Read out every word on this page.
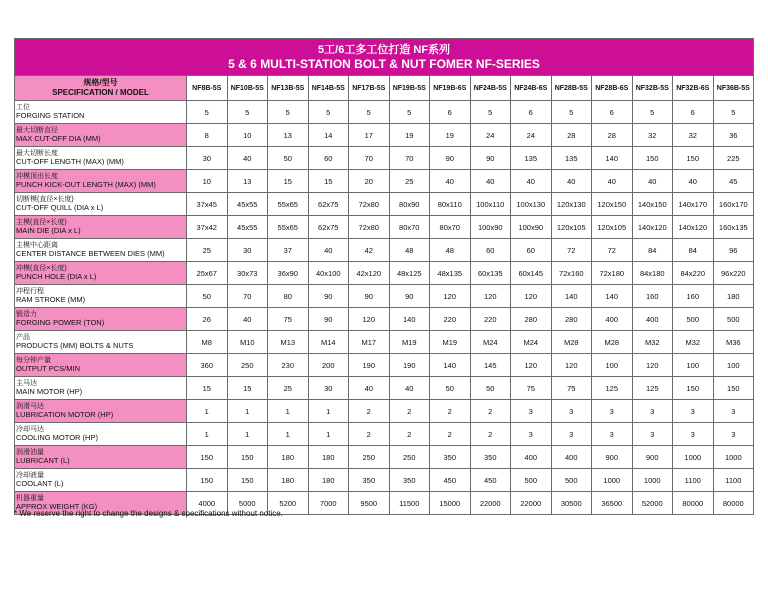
5工/6工多工位打造 NF系列
5 & 6 MULTI-STATION BOLT & NUT FOMER NF-SERIES														

规格/型号
SPECIFICATION / MODEL	NF8B-5S	NF10B-5S	NF13B-5S	NF14B-5S	NF17B-5S	NF19B-5S	NF19B-6S	NF24B-5S	NF24B-6S	NF28B-5S	NF28B-6S	NF32B-5S	NF32B-6S	NF36B-5S

工位
FORGING STATION	5	5	5	5	5	5	6	5	6	5	6	5	6	5

最大切断直径
MAX CUT-OFF DIA (MM)	8	10	13	14	17	19	19	24	24	28	28	32	32	36

最大切断长度
CUT-OFF LENGTH (MAX) (MM)	30	40	50	60	70	70	90	90	135	135	140	150	150	225

冲模顶出长度
PUNCH KICK-OUT LENGTH (MAX) (MM)	10	13	15	15	20	25	40	40	40	40	40	40	40	45

切断模(直径×长度)
CUT-OFF QUILL (DIA x L)	37x45	45x55	55x65	62x75	72x80	80x90	80x110	100x110	100x130	120x130	120x150	140x150	140x170	160x170

主模(直径×长度)
MAIN DIE (DIA x L)	37x42	45x55	55x65	62x75	72x80	80x70	80x70	100x90	100x90	120x105	120x105	140x120	140x120	160x135

主模中心距离
CENTER DISTANCE BETWEEN DIES (MM)	25	30	37	40	42	48	48	60	60	72	72	84	84	96

冲模(直径×长度)
PUNCH HOLE (DIA x L)	25x67	30x73	36x90	40x100	42x120	48x125	48x135	60x135	60x145	72x160	72x180	84x180	84x220	96x220

冲程行程
RAM STROKE (MM)	50	70	80	90	90	90	120	120	120	140	140	160	160	180

锻造力
FORGING POWER (TON)	26	40	75	90	120	140	220	220	280	280	400	400	500	500

产品
PRODUCTS (MM) BOLTS & NUTS	M8	M10	M13	M14	M17	M19	M19	M24	M24	M28	M28	M32	M32	M36

每分钟产量
OUTPUT PCS/MIN	360	250	230	200	190	190	140	145	120	120	100	120	100	100

主马达
MAIN MOTOR (HP)	15	15	25	30	40	40	50	50	75	75	125	125	150	150

润滑马达
LUBRICATION MOTOR (HP)	1	1	1	1	2	2	2	2	3	3	3	3	3	3

冷却马达
COOLING MOTOR (HP)	1	1	1	1	2	2	2	2	3	3	3	3	3	3

润滑油量
LUBRICANT (L)	150	150	180	180	250	250	350	350	400	400	900	900	1000	1000

冷却液量
COOLANT (L)	150	150	180	180	350	350	450	450	500	500	1000	1000	1100	1100

机器重量
APPROX WEIGHT (KG)	4000	5000	5200	7000	9500	11500	15000	22000	22000	30500	36500	52000	80000	80000
* We reserve the right to change the designs & specifications without notice.
